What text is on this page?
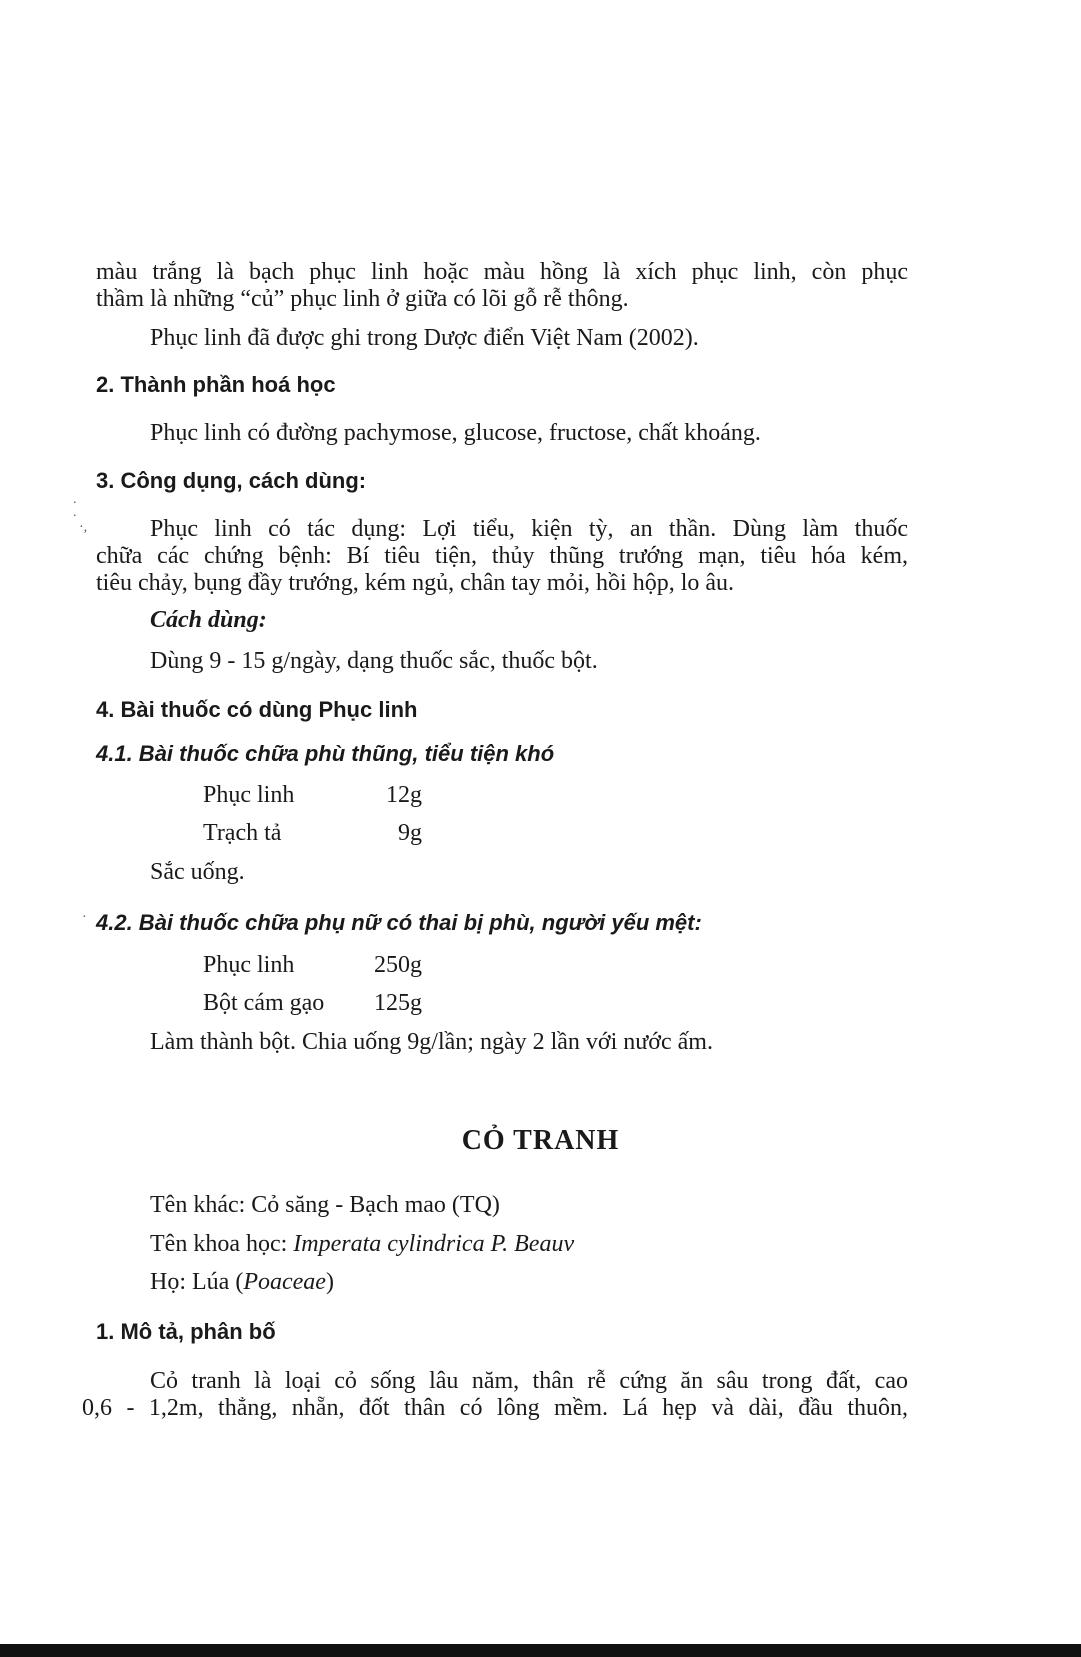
màu trắng là bạch phục linh hoặc màu hồng là xích phục linh, còn phục
thầm là những “củ” phục linh ở giữa có lõi gỗ rễ thông.
Phục linh đã được ghi trong Dược điển Việt Nam (2002).
2. Thành phần hoá học
Phục linh có đường pachymose, glucose, fructose, chất khoáng.
3. Công dụng, cách dùng:
Phục linh có tác dụng: Lợi tiểu, kiện tỳ, an thần. Dùng làm thuốc
chữa các chứng bệnh: Bí tiêu tiện, thủy thũng trướng mạn, tiêu hóa kém,
tiêu chảy, bụng đầy trướng, kém ngủ, chân tay mỏi, hồi hộp, lo âu.
Cách dùng:
Dùng 9 - 15 g/ngày, dạng thuốc sắc, thuốc bột.
4. Bài thuốc có dùng Phục linh
4.1. Bài thuốc chữa phù thũng, tiểu tiện khó
Phục linh	12g
Trạch tả	9g
Sắc uống.
4.2. Bài thuốc chữa phụ nữ có thai bị phù, người yếu mệt:
Phục linh	250g
Bột cám gạo	125g
Làm thành bột. Chia uống 9g/lần; ngày 2 lần với nước ấm.
CỎ TRANH
Tên khác: Cỏ săng - Bạch mao (TQ)
Tên khoa học: Imperata cylindrica P. Beauv
Họ: Lúa (Poaceae)
1. Mô tả, phân bố
Cỏ tranh là loại cỏ sống lâu năm, thân rễ cứng ăn sâu trong đất, cao
0,6 - 1,2m, thẳng, nhẵn, đốt thân có lông mềm. Lá hẹp và dài, đầu thuôn,
.
.
·,
·
